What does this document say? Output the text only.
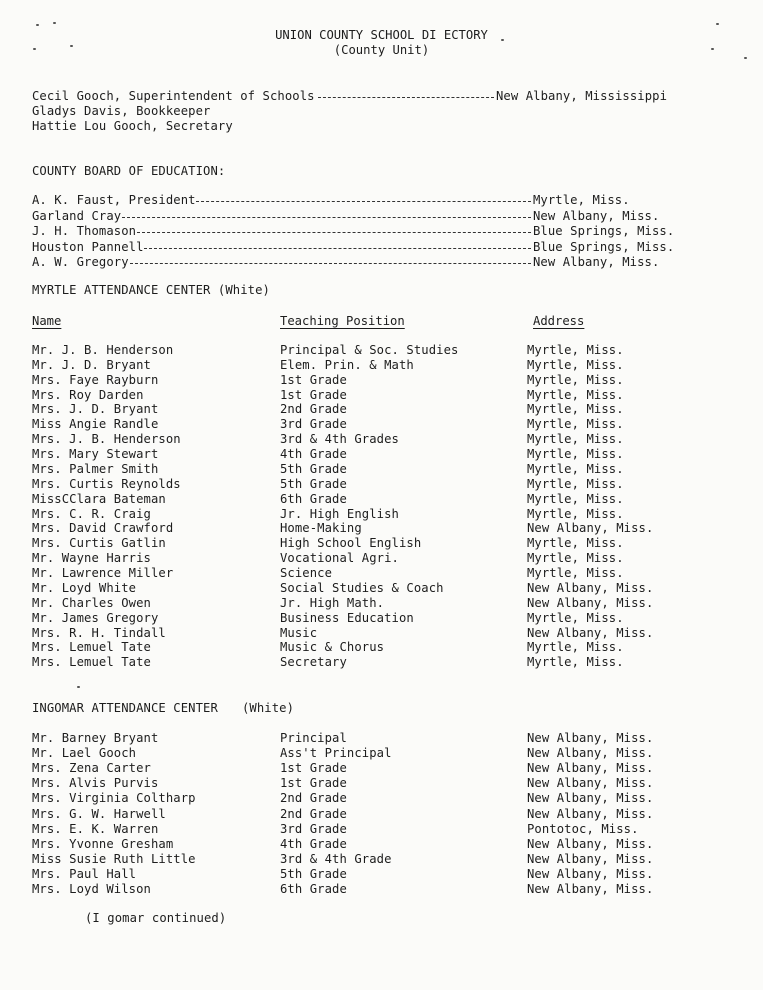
UNION COUNTY SCHOOL DI ECTORY
(County Unit)
Cecil Gooch, Superintendent of Schools	New Albany, Mississippi
Gladys Davis, Bookkeeper
Hattie Lou Gooch, Secretary
COUNTY BOARD OF EDUCATION:
A. K. Faust, President	Myrtle, Miss.
Garland Cray	New Albany, Miss.
J. H. Thomason	Blue Springs, Miss.
Houston Pannell	Blue Springs, Miss.
A. W. Gregory	New Albany, Miss.
MYRTLE ATTENDANCE CENTER (White)
Name	Teaching Position	Address
Mr. J. B. Henderson	Principal & Soc. Studies	Myrtle, Miss.
Mr. J. D. Bryant	Elem. Prin. & Math	Myrtle, Miss.
Mrs. Faye Rayburn	1st Grade	Myrtle, Miss.
Mrs. Roy Darden	1st Grade	Myrtle, Miss.
Mrs. J. D. Bryant	2nd Grade	Myrtle, Miss.
Miss Angie Randle	3rd Grade	Myrtle, Miss.
Mrs. J. B. Henderson	3rd & 4th Grades	Myrtle, Miss.
Mrs. Mary Stewart	4th Grade	Myrtle, Miss.
Mrs. Palmer Smith	5th Grade	Myrtle, Miss.
Mrs. Curtis Reynolds	5th Grade	Myrtle, Miss.
MissCClara Bateman	6th Grade	Myrtle, Miss.
Mrs. C. R. Craig	Jr. High English	Myrtle, Miss.
Mrs. David Crawford	Home-Making	New Albany, Miss.
Mrs. Curtis Gatlin	High School English	Myrtle, Miss.
Mr. Wayne Harris	Vocational Agri.	Myrtle, Miss.
Mr. Lawrence Miller	Science	Myrtle, Miss.
Mr. Loyd White	Social Studies & Coach	New Albany, Miss.
Mr. Charles Owen	Jr. High Math.	New Albany, Miss.
Mr. James Gregory	Business Education	Myrtle, Miss.
Mrs. R. H. Tindall	Music	New Albany, Miss.
Mrs. Lemuel Tate	Music & Chorus	Myrtle, Miss.
Mrs. Lemuel Tate	Secretary	Myrtle, Miss.
INGOMAR ATTENDANCE CENTER (White)
Mr. Barney Bryant	Principal	New Albany, Miss.
Mr. Lael Gooch	Ass't Principal	New Albany, Miss.
Mrs. Zena Carter	1st Grade	New Albany, Miss.
Mrs. Alvis Purvis	1st Grade	New Albany, Miss.
Mrs. Virginia Coltharp	2nd Grade	New Albany, Miss.
Mrs. G. W. Harwell	2nd Grade	New Albany, Miss.
Mrs. E. K. Warren	3rd Grade	Pontotoc, Miss.
Mrs. Yvonne Gresham	4th Grade	New Albany, Miss.
Miss Susie Ruth Little	3rd & 4th Grade	New Albany, Miss.
Mrs. Paul Hall	5th Grade	New Albany, Miss.
Mrs. Loyd Wilson	6th Grade	New Albany, Miss.
(I gomar continued)
